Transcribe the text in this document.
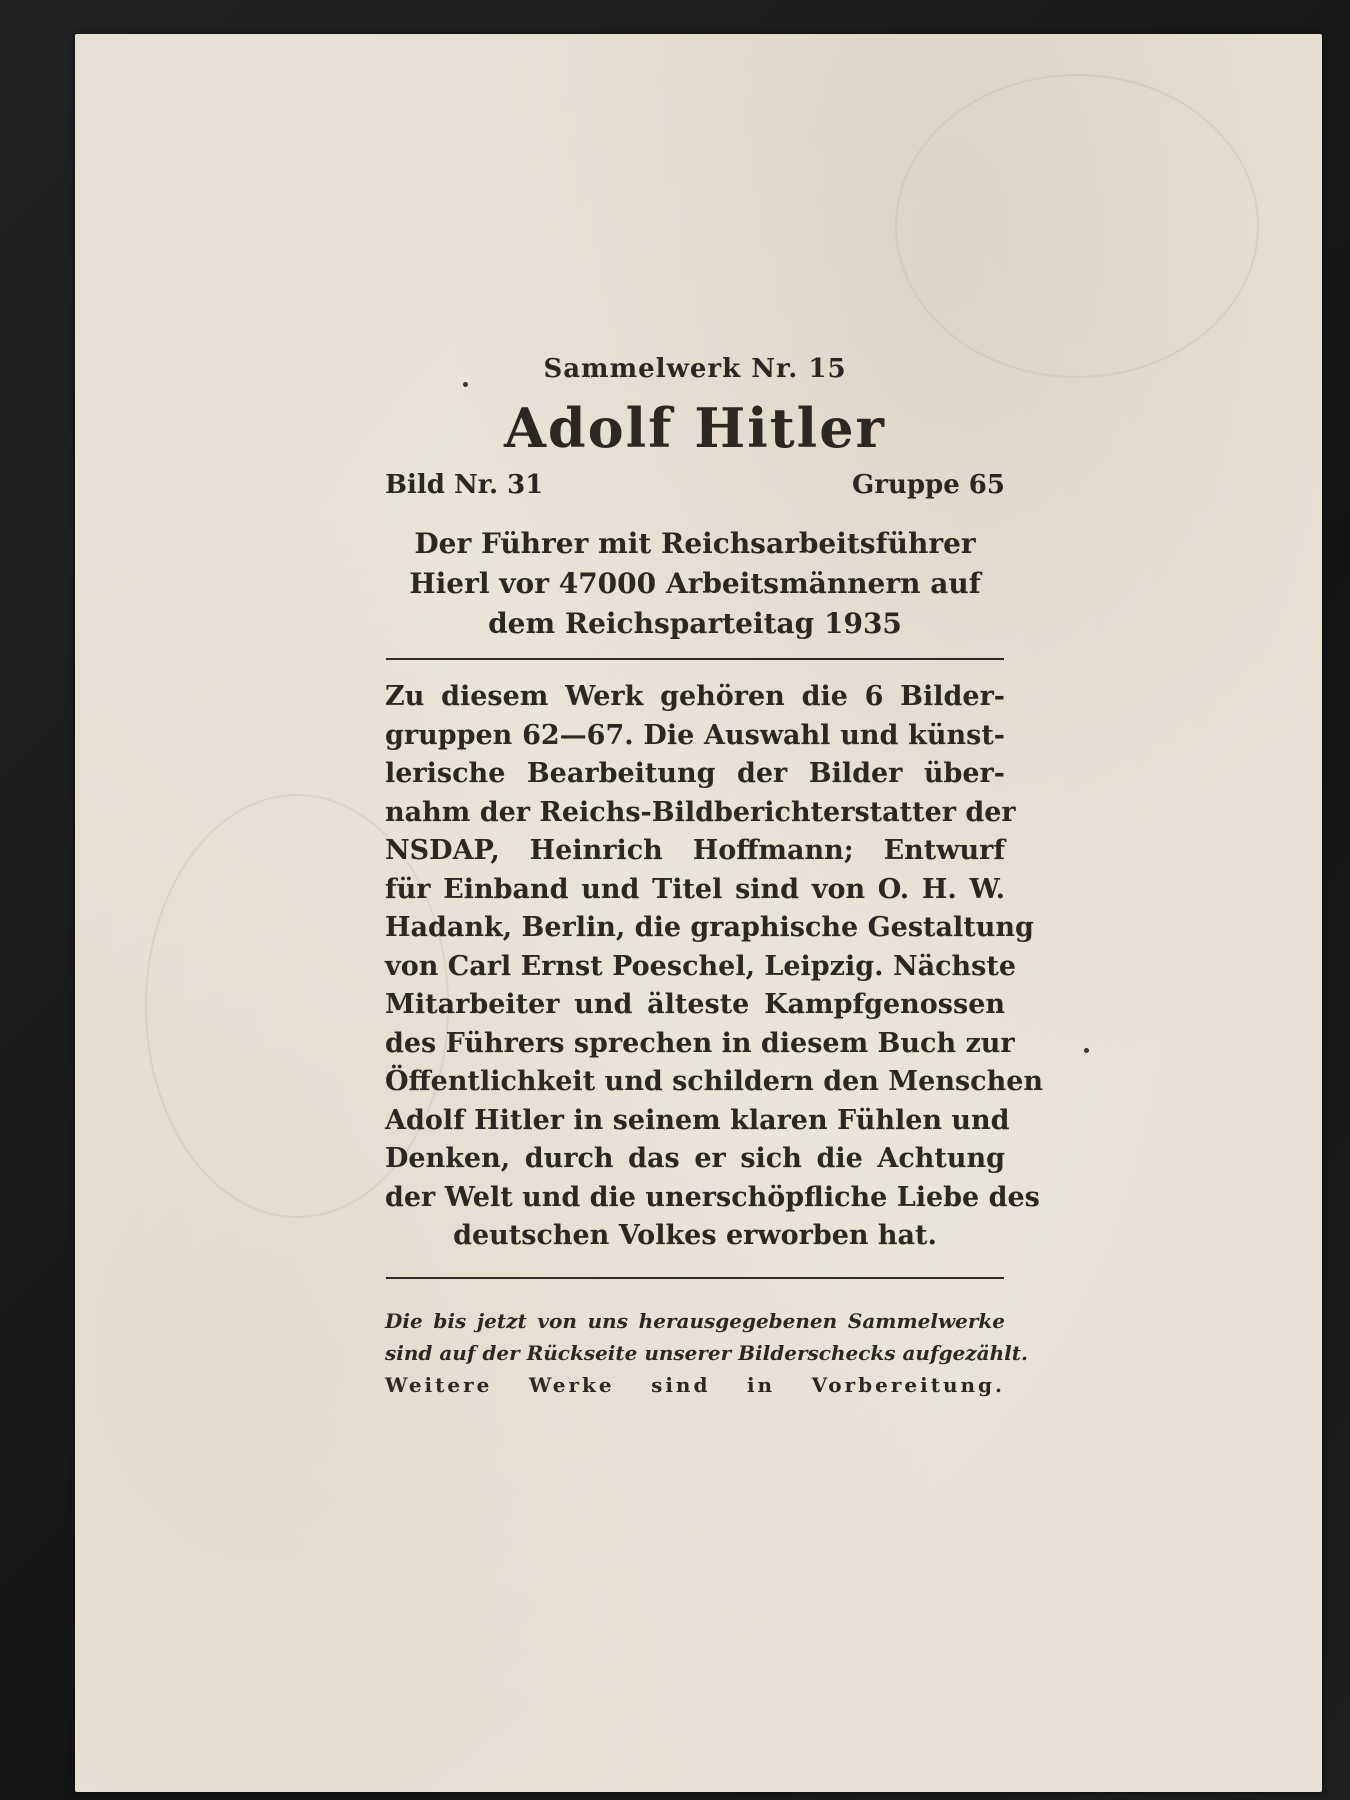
Sammelwerk Nr. 15
Adolf Hitler
Bild Nr. 31	Gruppe 65
Der Führer mit Reichsarbeitsführer
Hierl vor 47000 Arbeitsmännern auf
dem Reichsparteitag 1935
Zu diesem Werk gehören die 6 Bilder-
gruppen 62—67. Die Auswahl und künst-
lerische Bearbeitung der Bilder über-
nahm der Reichs-Bildberichterstatter der
NSDAP, Heinrich Hoffmann; Entwurf
für Einband und Titel sind von O. H. W.
Hadank, Berlin, die graphische Gestaltung
von Carl Ernst Poeschel, Leipzig. Nächste
Mitarbeiter und älteste Kampfgenossen
des Führers sprechen in diesem Buch zur
Öffentlichkeit und schildern den Menschen
Adolf Hitler in seinem klaren Fühlen und
Denken, durch das er sich die Achtung
der Welt und die unerschöpfliche Liebe des
deutschen Volkes erworben hat.
Die bis jetzt von uns herausgegebenen Sammelwerke
sind auf der Rückseite unserer Bilderschecks aufgezählt.
Weitere Werke sind in Vorbereitung.
